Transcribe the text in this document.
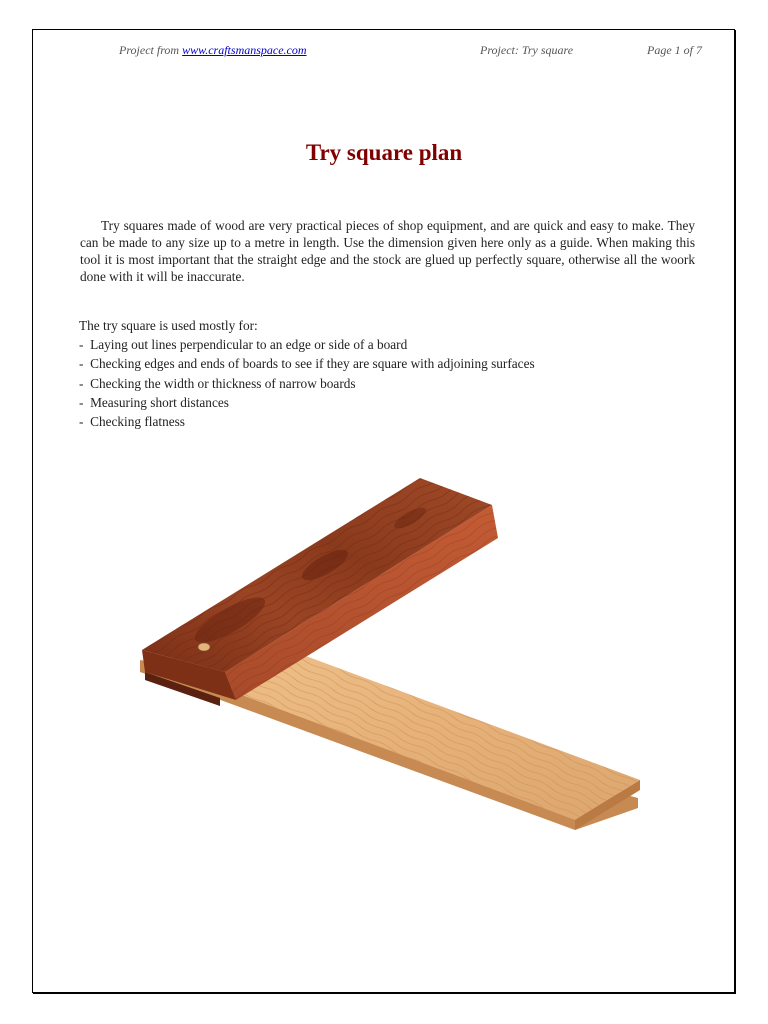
Project from www.craftsmanspace.com	Project: Try square	Page 1 of 7
Try square plan

Try squares made of wood are very practical pieces of shop equipment, and are quick and easy to make. They can be made to any size up to a metre in length. Use the dimension given here only as a guide. When making this tool it is most important that the straight edge and the stock are glued up perfectly square, otherwise all the woork done with it will be inaccurate.

The try square is used mostly for:
- Laying out lines perpendicular to an edge or side of a board
- Checking edges and ends of boards to see if they are square with adjoining surfaces
- Checking the width or thickness of narrow boards
- Measuring short distances
- Checking flatness
